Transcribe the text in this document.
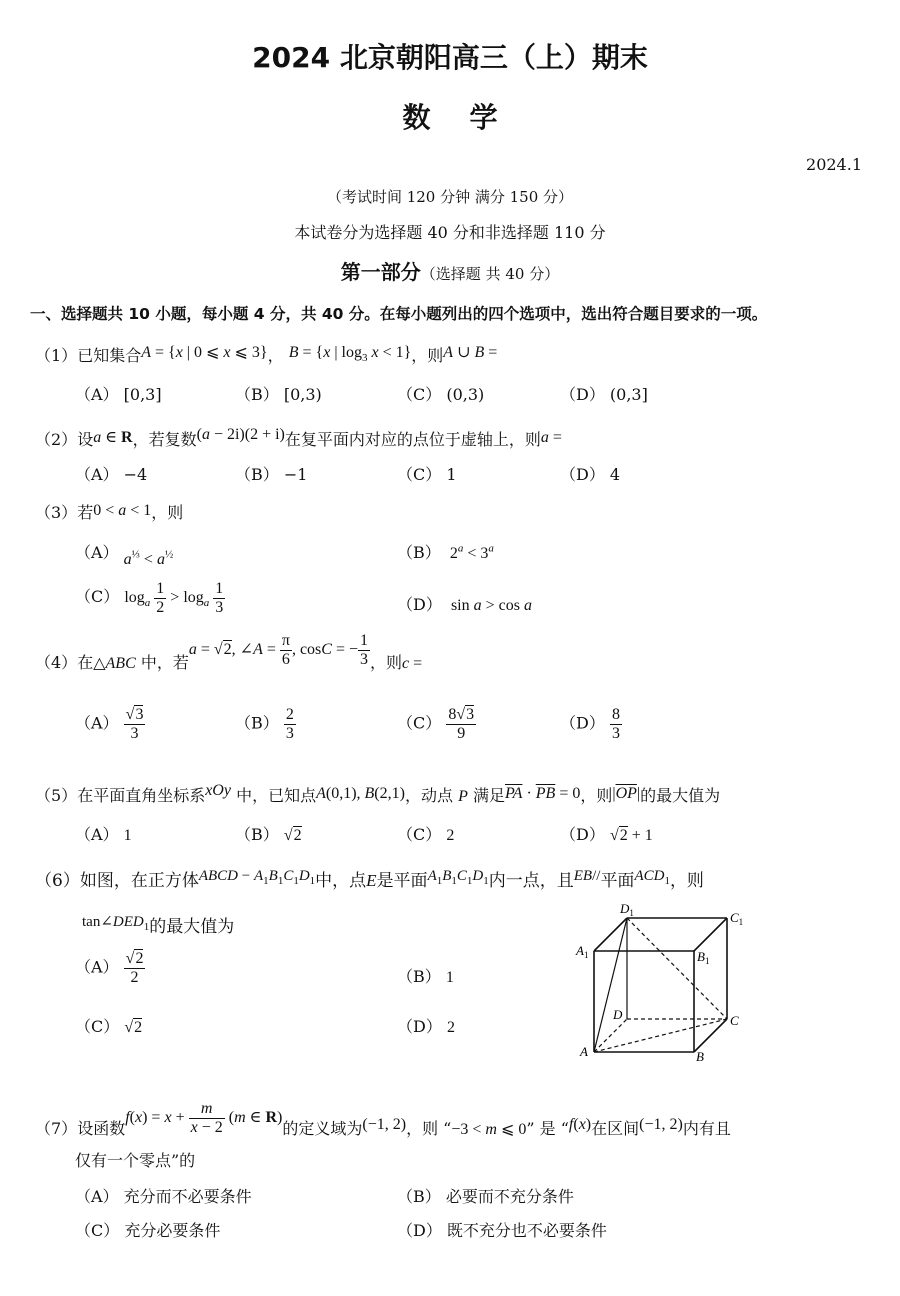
2024 北京朝阳高三（上）期末
数    学
2024.1
（考试时间 120 分钟 满分 150 分）
本试卷分为选择题 40 分和非选择题 110 分
第一部分（选择题 共 40 分）
一、选择题共 10 小题，每小题 4 分，共 40 分。在每小题列出的四个选项中，选出符合题目要求的一项。
（1）已知集合A = {x | 0 ⩽ x ⩽ 3}， B = {x | $\log_3 x < 1$}，则A ∪ B =
（A） [0,3]	（B） [0,3)	（C） (0,3)	（D） (0,3]
（2）设a ∈ R，若复数(a − 2i)(2 + i)在复平面内对应的点位于虚轴上，则a =
（A） −4	（B） −1	（C） 1	（D） 4
（3）若0 < a < 1，则
（A） $a^{\frac{1}{3}} < a^{\frac{1}{2}}$	（B）  $2^a < 3^a$
（C） $\log_a \frac{1}{2} > \log_a \frac{1}{3}$	（D）  sin a > cos a
（4）在△ABC 中，若a = √2, ∠A = $\frac{\pi}{6}$ , cosC = − $\frac{1}{3}$ ，则c =
$(A) \frac{√3}{3}$	$(B) \frac{2}{3}$	$(C) \frac{8√3}{9}$	$(D) \frac{8}{3}$
（5）在平面直角坐标系xOy 中，已知点A(0,1), B(2,1)，动点 P 满足$\overline{PA} \cdot \overline{PB} = 0$，则$|\overline{OP}|$的最大值为
（A） 1	（B） √2	（C） 2	（D） √2 + 1
（6）如图，在正方体ABCD − $A_1B_1C_1D_1$中，点E是平面$A_1B_1C_1D_1$内一点，且EB//平面$ACD_1$，则
$\tan\angle DED_1$的最大值为
$(A) \frac{√2}{2}$	（B） 1
（C） √2	（D） 2
$D_1$	$C_1$
$A_1$	$B_1$
D	C
A	B
（7）设函数$f(x) = x + \frac{m}{x - 2} (m$ ∈ R)的定义域为(−1, 2)，则 “−3 < m ⩽ 0” 是 “f(x)在区间(−1, 2)内有且
仅有一个零点”的
（A） 充分而不必要条件	（B） 必要而不充分条件
（C） 充分必要条件	（D） 既不充分也不必要条件
